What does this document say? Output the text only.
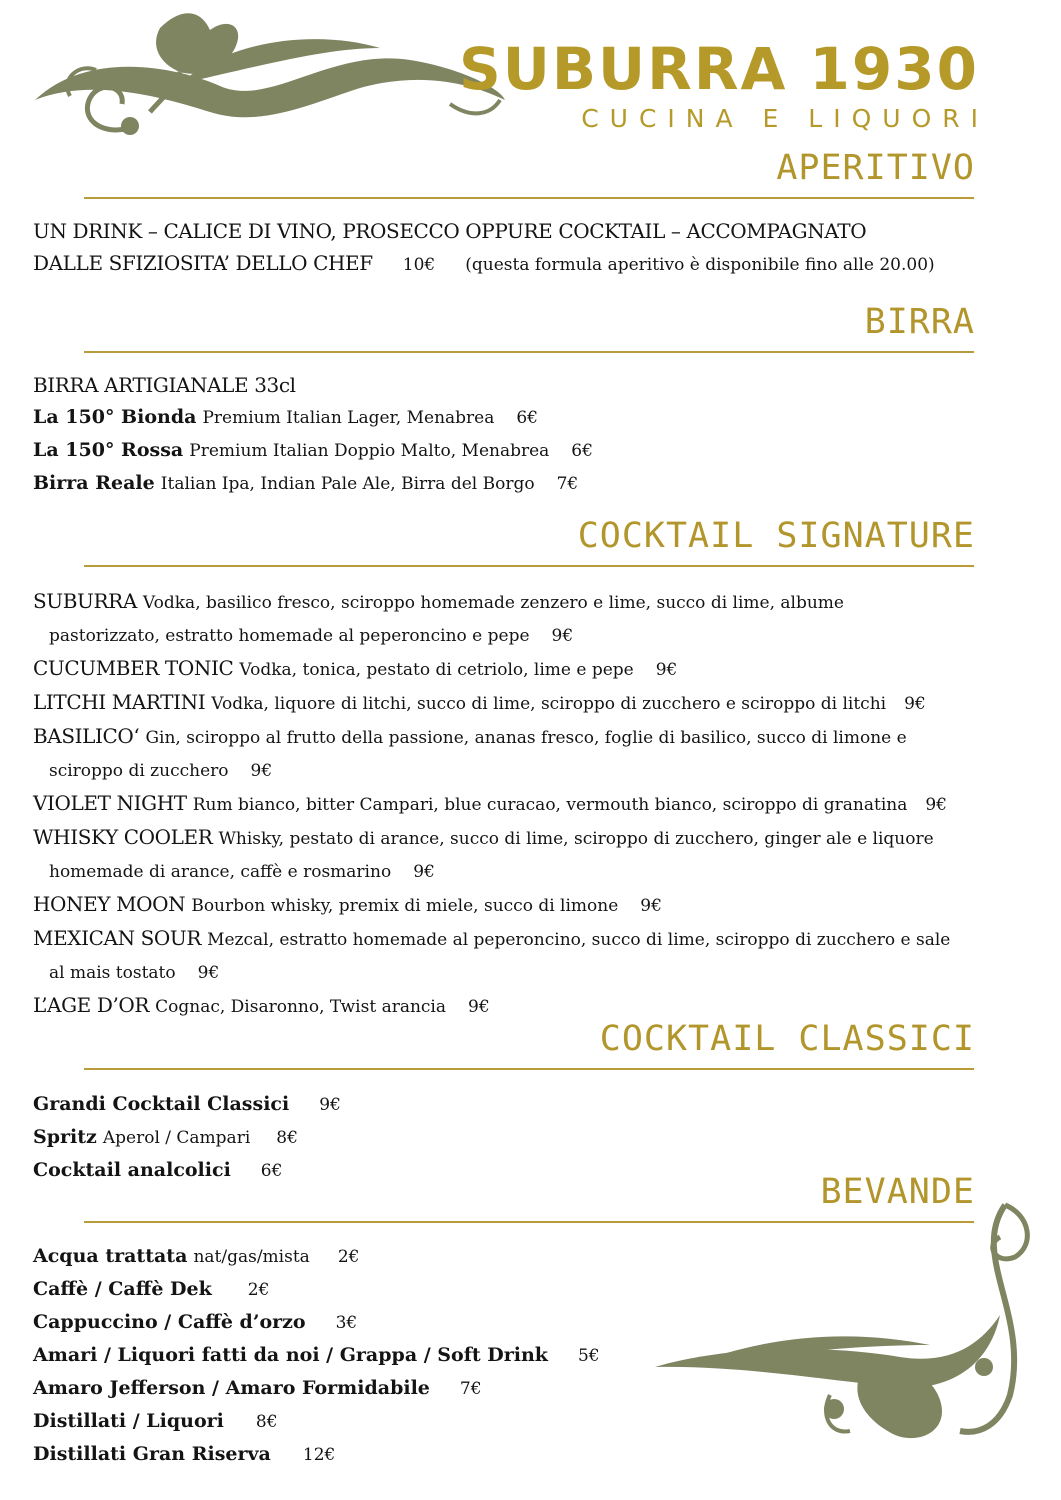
SUBURRA 1930
CUCINA E LIQUORI
APERITIVO
UN DRINK – CALICE DI VINO, PROSECCO OPPURE COCKTAIL – ACCOMPAGNATO
DALLE SFIZIOSITA’ DELLO CHEF 10€ (questa formula aperitivo è disponibile fino alle 20.00)
BIRRA
BIRRA ARTIGIANALE 33cl
La 150° Bionda Premium Italian Lager, Menabrea 6€
La 150° Rossa Premium Italian Doppio Malto, Menabrea 6€
Birra Reale Italian Ipa, Indian Pale Ale, Birra del Borgo 7€
COCKTAIL SIGNATURE
SUBURRA Vodka, basilico fresco, sciroppo homemade zenzero e lime, succo di lime, albume
pastorizzato, estratto homemade al peperoncino e pepe 9€
CUCUMBER TONIC Vodka, tonica, pestato di cetriolo, lime e pepe 9€
LITCHI MARTINI Vodka, liquore di litchi, succo di lime, sciroppo di zucchero e sciroppo di litchi 9€
BASILICO‘ Gin, sciroppo al frutto della passione, ananas fresco, foglie di basilico, succo di limone e
sciroppo di zucchero 9€
VIOLET NIGHT Rum bianco, bitter Campari, blue curacao, vermouth bianco, sciroppo di granatina 9€
WHISKY COOLER Whisky, pestato di arance, succo di lime, sciroppo di zucchero, ginger ale e liquore
homemade di arance, caffè e rosmarino 9€
HONEY MOON Bourbon whisky, premix di miele, succo di limone 9€
MEXICAN SOUR Mezcal, estratto homemade al peperoncino, succo di lime, sciroppo di zucchero e sale
al mais tostato 9€
L’AGE D’OR Cognac, Disaronno, Twist arancia 9€
COCKTAIL CLASSICI
Grandi Cocktail Classici 9€
Spritz Aperol / Campari 8€
Cocktail analcolici 6€
BEVANDE
Acqua trattata nat/gas/mista 2€
Caffè / Caffè Dek 2€
Cappuccino / Caffè d’orzo 3€
Amari / Liquori fatti da noi / Grappa / Soft Drink 5€
Amaro Jefferson / Amaro Formidabile 7€
Distillati / Liquori 8€
Distillati Gran Riserva 12€
